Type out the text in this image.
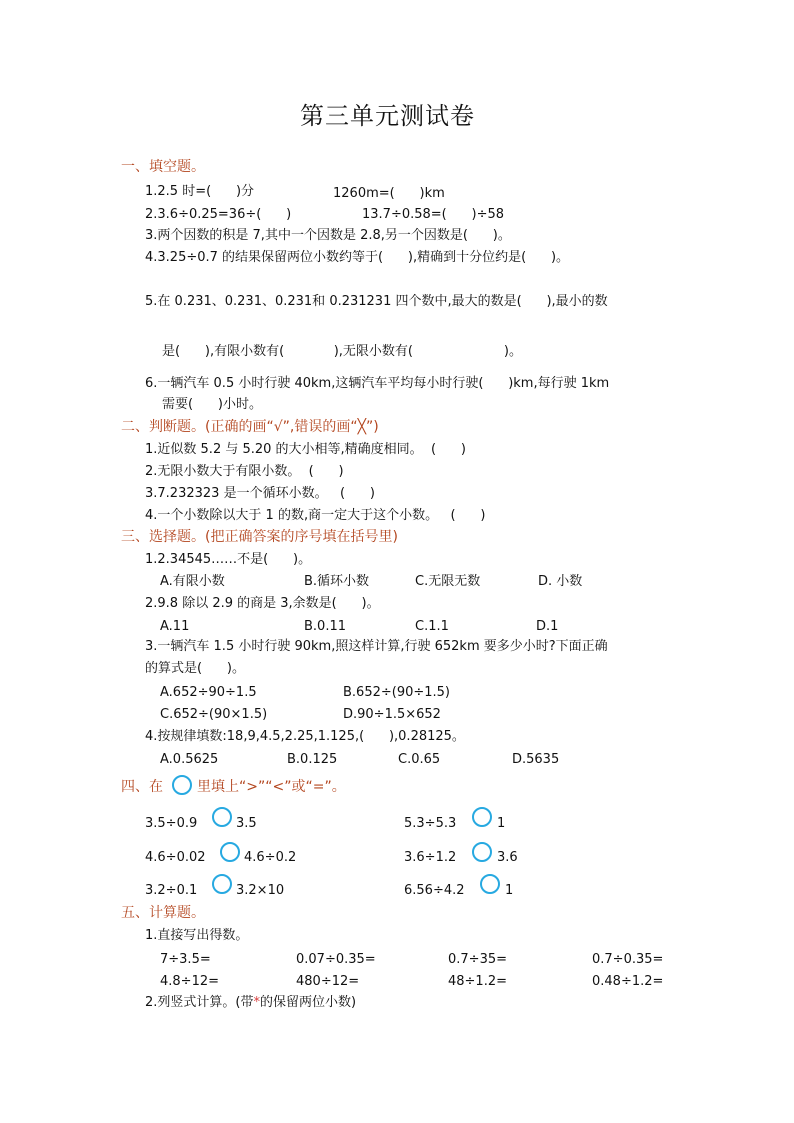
第三单元测试卷
一、填空题。
1.2.5 时=(      )分	1260m=(      )km
2.3.6÷0.25=36÷(      )	13.7÷0.58=(      )÷58
3.两个因数的积是 7,其中一个因数是 2.8,另一个因数是(      )。
4.3.25÷0.7 的结果保留两位小数约等于(      ),精确到十分位约是(      )。
5.在 0.231、0.231、0.231和 0.231231 四个数中,最大的数是(      ),最小的数
是(      ),有限小数有(            ),无限小数有(                      )。
6.一辆汽车 0.5 小时行驶 40km,这辆汽车平均每小时行驶(      )km,每行驶 1km
需要(      )小时。
二、判断题。(正确的画“√”,错误的画“╳”)
1.近似数 5.2 与 5.20 的大小相等,精确度相同。  (      )
2.无限小数大于有限小数。  (      )
3.7.232323 是一个循环小数。   (      )
4.一个小数除以大于 1 的数,商一定大于这个小数。   (      )
三、选择题。(把正确答案的序号填在括号里)
1.2.34545……不是(      )。
A.有限小数	B.循环小数	C.无限无数	D. 小数
2.9.8 除以 2.9 的商是 3,余数是(      )。
A.11	B.0.11	C.1.1	D.1
3.一辆汽车 1.5 小时行驶 90km,照这样计算,行驶 652km 要多少小时?下面正确
的算式是(      )。
A.652÷90÷1.5	B.652÷(90÷1.5)
C.652÷(90×1.5)	D.90÷1.5×652
4.按规律填数:18,9,4.5,2.25,1.125,(      ),0.28125。
A.0.5625	B.0.125	C.0.65	D.5635
四、在 里填上“>”“<”或“=”。
3.5÷0.9	3.5	5.3÷5.3	1
4.6÷0.02	4.6÷0.2	3.6÷1.2	3.6
3.2÷0.1	3.2×10	6.56÷4.2	1
五、计算题。
1.直接写出得数。
7÷3.5=	0.07÷0.35=	0.7÷35=	0.7÷0.35=
4.8÷12=	480÷12=	48÷1.2=	0.48÷1.2=
2.列竖式计算。(带*的保留两位小数)
